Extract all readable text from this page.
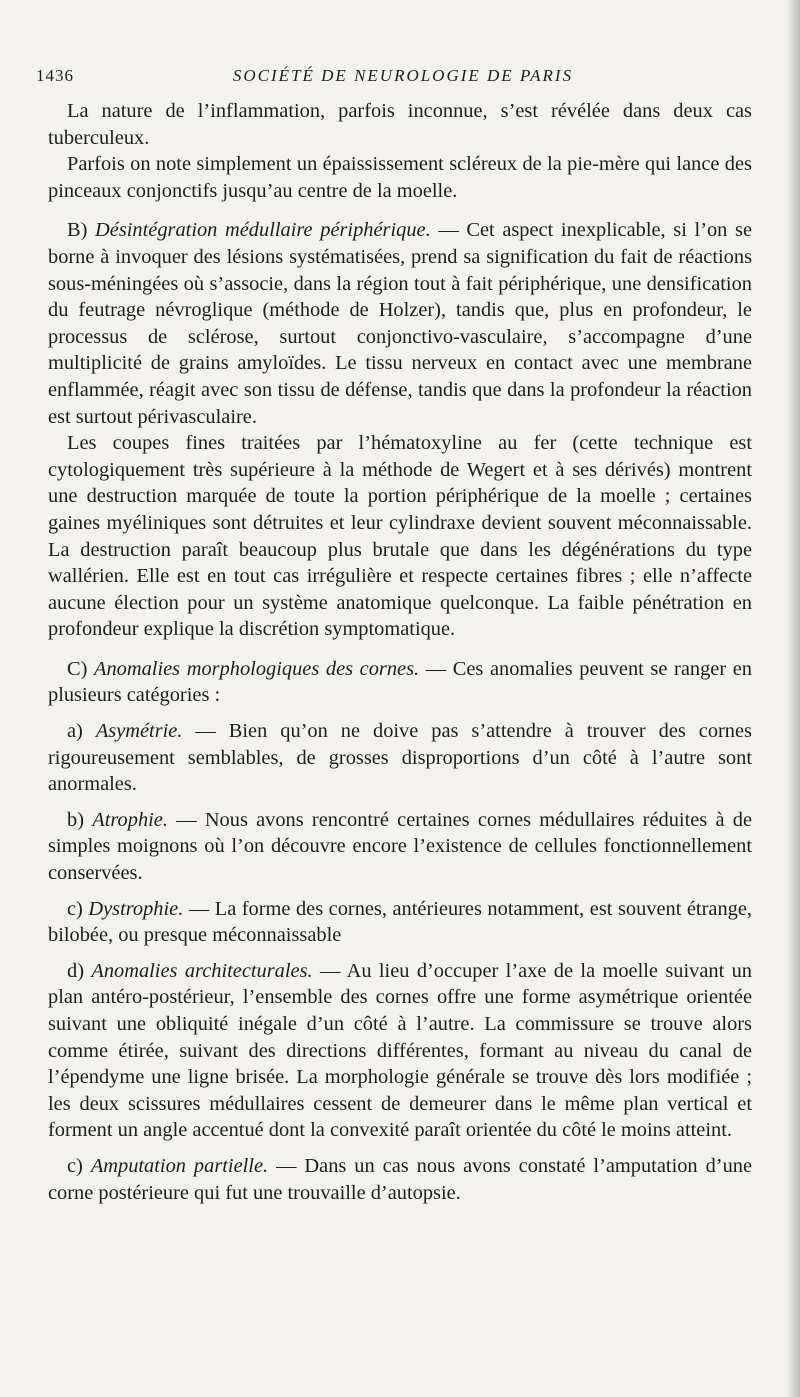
1436	SOCIÉTÉ DE NEUROLOGIE DE PARIS

La nature de l’inflammation, parfois inconnue, s’est révélée dans deux cas tuberculeux.

Parfois on note simplement un épaississement scléreux de la pie-mère qui lance des pinceaux conjonctifs jusqu’au centre de la moelle.

B) Désintégration médullaire périphérique. — Cet aspect inexplicable, si l’on se borne à invoquer des lésions systématisées, prend sa signification du fait de réactions sous-méningées où s’associe, dans la région tout à fait périphérique, une densification du feutrage névroglique (méthode de Holzer), tandis que, plus en profondeur, le processus de sclérose, surtout conjonctivo-vasculaire, s’accompagne d’une multiplicité de grains amyloïdes. Le tissu nerveux en contact avec une membrane enflammée, réagit avec son tissu de défense, tandis que dans la profondeur la réaction est surtout périvasculaire.

Les coupes fines traitées par l’hématoxyline au fer (cette technique est cytologiquement très supérieure à la méthode de Wegert et à ses dérivés) montrent une destruction marquée de toute la portion périphérique de la moelle ; certaines gaines myéliniques sont détruites et leur cylindraxe devient souvent méconnaissable. La destruction paraît beaucoup plus brutale que dans les dégénérations du type wallérien. Elle est en tout cas irrégulière et respecte certaines fibres ; elle n’affecte aucune élection pour un système anatomique quelconque. La faible pénétration en profondeur explique la discrétion symptomatique.

C) Anomalies morphologiques des cornes. — Ces anomalies peuvent se ranger en plusieurs catégories :

a) Asymétrie. — Bien qu’on ne doive pas s’attendre à trouver des cornes rigoureusement semblables, de grosses disproportions d’un côté à l’autre sont anormales.

b) Atrophie. — Nous avons rencontré certaines cornes médullaires réduites à de simples moignons où l’on découvre encore l’existence de cellules fonctionnellement conservées.

c) Dystrophie. — La forme des cornes, antérieures notamment, est souvent étrange, bilobée, ou presque méconnaissable

d) Anomalies architecturales. — Au lieu d’occuper l’axe de la moelle suivant un plan antéro-postérieur, l’ensemble des cornes offre une forme asymétrique orientée suivant une obliquité inégale d’un côté à l’autre. La commissure se trouve alors comme étirée, suivant des directions différentes, formant au niveau du canal de l’épendyme une ligne brisée. La morphologie générale se trouve dès lors modifiée ; les deux scissures médullaires cessent de demeurer dans le même plan vertical et forment un angle accentué dont la convexité paraît orientée du côté le moins atteint.

c) Amputation partielle. — Dans un cas nous avons constaté l’amputation d’une corne postérieure qui fut une trouvaille d’autopsie.
